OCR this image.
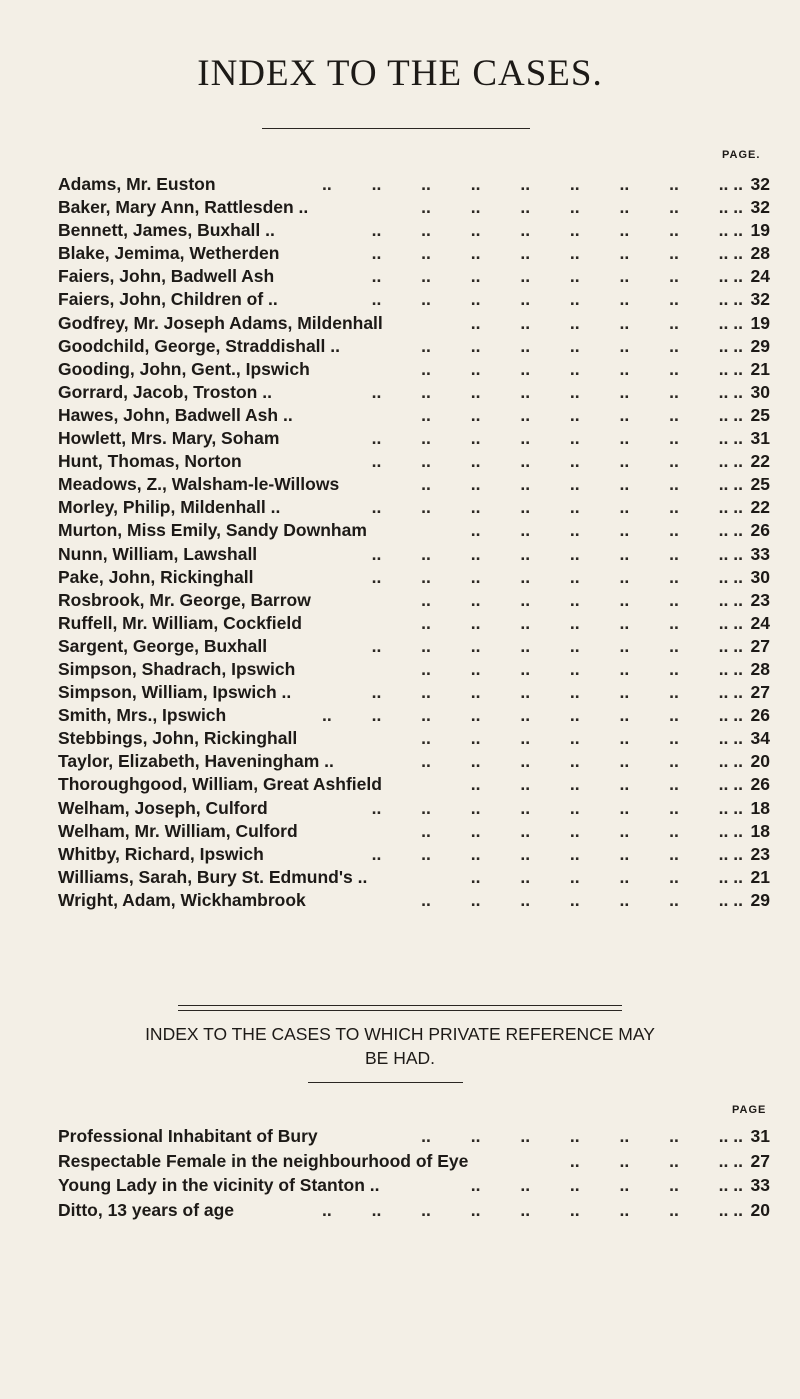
INDEX TO THE CASES.
PAGE.
Adams, Mr. Euston	32
..   ..   ..   ..   ..   ..   ..   ..   .. ..
Baker, Mary Ann, Rattlesden ..	32
..   ..   ..   ..   ..   ..   .. ..
Bennett, James, Buxhall ..	19
..   ..   ..   ..   ..   ..   ..   .. ..
Blake, Jemima, Wetherden	28
..   ..   ..   ..   ..   ..   ..   .. ..
Faiers, John, Badwell Ash	24
..   ..   ..   ..   ..   ..   ..   .. ..
Faiers, John, Children of ..	32
..   ..   ..   ..   ..   ..   ..   .. ..
Godfrey, Mr. Joseph Adams, Mildenhall	19
..   ..   ..   ..   ..   .. ..
Goodchild, George, Straddishall ..	29
..   ..   ..   ..   ..   ..   .. ..
Gooding, John, Gent., Ipswich	21
..   ..   ..   ..   ..   ..   .. ..
Gorrard, Jacob, Troston ..	30
..   ..   ..   ..   ..   ..   ..   .. ..
Hawes, John, Badwell Ash ..	25
..   ..   ..   ..   ..   ..   .. ..
Howlett, Mrs. Mary, Soham	31
..   ..   ..   ..   ..   ..   ..   .. ..
Hunt, Thomas, Norton	22
..   ..   ..   ..   ..   ..   ..   .. ..
Meadows, Z., Walsham-le-Willows	25
..   ..   ..   ..   ..   ..   .. ..
Morley, Philip, Mildenhall ..	22
..   ..   ..   ..   ..   ..   ..   .. ..
Murton, Miss Emily, Sandy Downham	26
..   ..   ..   ..   ..   .. ..
Nunn, William, Lawshall	33
..   ..   ..   ..   ..   ..   ..   .. ..
Pake, John, Rickinghall	30
..   ..   ..   ..   ..   ..   ..   .. ..
Rosbrook, Mr. George, Barrow	23
..   ..   ..   ..   ..   ..   .. ..
Ruffell, Mr. William, Cockfield	24
..   ..   ..   ..   ..   ..   .. ..
Sargent, George, Buxhall	27
..   ..   ..   ..   ..   ..   ..   .. ..
Simpson, Shadrach, Ipswich	28
..   ..   ..   ..   ..   ..   .. ..
Simpson, William, Ipswich ..	27
..   ..   ..   ..   ..   ..   ..   .. ..
Smith, Mrs., Ipswich	26
..   ..   ..   ..   ..   ..   ..   ..   .. ..
Stebbings, John, Rickinghall	34
..   ..   ..   ..   ..   ..   .. ..
Taylor, Elizabeth, Haveningham ..	20
..   ..   ..   ..   ..   ..   .. ..
Thoroughgood, William, Great Ashfield	26
..   ..   ..   ..   ..   .. ..
Welham, Joseph, Culford	18
..   ..   ..   ..   ..   ..   ..   .. ..
Welham, Mr. William, Culford	18
..   ..   ..   ..   ..   ..   .. ..
Whitby, Richard, Ipswich	23
..   ..   ..   ..   ..   ..   ..   .. ..
Williams, Sarah, Bury St. Edmund's ..	21
..   ..   ..   ..   ..   .. ..
Wright, Adam, Wickhambrook	29
..   ..   ..   ..   ..   ..   .. ..
INDEX TO THE CASES TO WHICH PRIVATE REFERENCE MAY
BE HAD.
PAGE
Professional Inhabitant of Bury	31
..   ..   ..   ..   ..   ..   .. ..
Respectable Female in the neighbourhood of Eye	27
..   ..   ..   .. ..
Young Lady in the vicinity of Stanton ..	33
..   ..   ..   ..   ..   .. ..
Ditto, 13 years of age	20
..   ..   ..   ..   ..   ..   ..   ..   .. ..
